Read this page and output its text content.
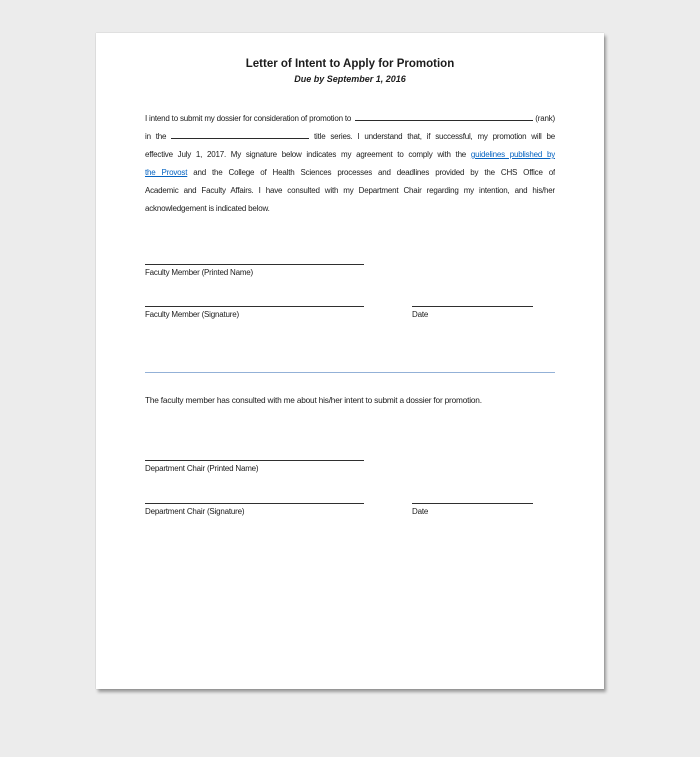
Letter of Intent to Apply for Promotion
Due by September 1, 2016
I intend to submit my dossier for consideration of promotion to	(rank)
in the	title series. I understand that, if successful, my promotion will be
effective July 1, 2017. My signature below indicates my agreement to comply with the guidelines published by
the Provost and the College of Health Sciences processes and deadlines provided by the CHS Office of
Academic and Faculty Affairs. I have consulted with my Department Chair regarding my intention, and his/her
acknowledgement is indicated below.
Faculty Member (Printed Name)
Faculty Member (Signature)	Date
The faculty member has consulted with me about his/her intent to submit a dossier for promotion.
Department Chair (Printed Name)
Department Chair (Signature)	Date
